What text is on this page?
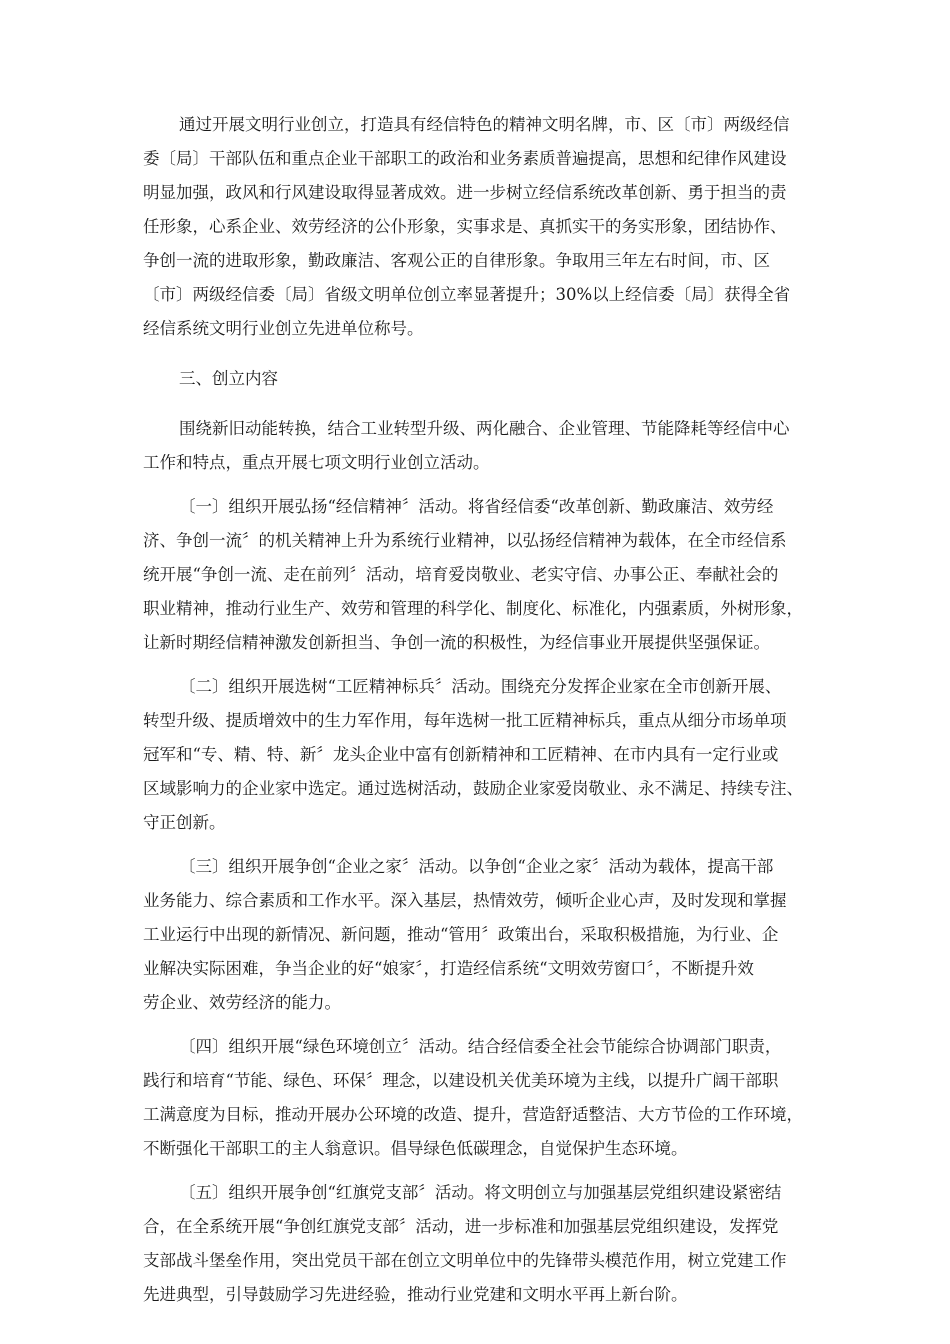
通过开展文明行业创立，打造具有经信特色的精神文明名牌，市、区〔市〕两级经信
委〔局〕干部队伍和重点企业干部职工的政治和业务素质普遍提高，思想和纪律作风建设
明显加强，政风和行风建设取得显著成效。进一步树立经信系统改革创新、勇于担当的责
任形象，心系企业、效劳经济的公仆形象，实事求是、真抓实干的务实形象，团结协作、
争创一流的进取形象，勤政廉洁、客观公正的自律形象。争取用三年左右时间，市、区
〔市〕两级经信委〔局〕省级文明单位创立率显著提升；30%以上经信委〔局〕获得全省
经信系统文明行业创立先进单位称号。
三、创立内容
围绕新旧动能转换，结合工业转型升级、两化融合、企业管理、节能降耗等经信中心
工作和特点，重点开展七项文明行业创立活动。
〔一〕组织开展弘扬“经信精神〞活动。将省经信委“改革创新、勤政廉洁、效劳经
济、争创一流〞的机关精神上升为系统行业精神，以弘扬经信精神为载体，在全市经信系
统开展“争创一流、走在前列〞活动，培育爱岗敬业、老实守信、办事公正、奉献社会的
职业精神，推动行业生产、效劳和管理的科学化、制度化、标准化，内强素质，外树形象，
让新时期经信精神激发创新担当、争创一流的积极性，为经信事业开展提供坚强保证。
〔二〕组织开展选树“工匠精神标兵〞活动。围绕充分发挥企业家在全市创新开展、
转型升级、提质增效中的生力军作用，每年选树一批工匠精神标兵，重点从细分市场单项
冠军和“专、精、特、新〞龙头企业中富有创新精神和工匠精神、在市内具有一定行业或
区域影响力的企业家中选定。通过选树活动，鼓励企业家爱岗敬业、永不满足、持续专注、
守正创新。
〔三〕组织开展争创“企业之家〞活动。以争创“企业之家〞活动为载体，提高干部
业务能力、综合素质和工作水平。深入基层，热情效劳，倾听企业心声，及时发现和掌握
工业运行中出现的新情况、新问题，推动“管用〞政策出台，采取积极措施，为行业、企
业解决实际困难，争当企业的好“娘家〞，打造经信系统“文明效劳窗口〞，不断提升效
劳企业、效劳经济的能力。
〔四〕组织开展“绿色环境创立〞活动。结合经信委全社会节能综合协调部门职责，
践行和培育“节能、绿色、环保〞理念，以建设机关优美环境为主线，以提升广阔干部职
工满意度为目标，推动开展办公环境的改造、提升，营造舒适整洁、大方节俭的工作环境，
不断强化干部职工的主人翁意识。倡导绿色低碳理念，自觉保护生态环境。
〔五〕组织开展争创“红旗党支部〞活动。将文明创立与加强基层党组织建设紧密结
合，在全系统开展“争创红旗党支部〞活动，进一步标准和加强基层党组织建设，发挥党
支部战斗堡垒作用，突出党员干部在创立文明单位中的先锋带头模范作用，树立党建工作
先进典型，引导鼓励学习先进经验，推动行业党建和文明水平再上新台阶。
